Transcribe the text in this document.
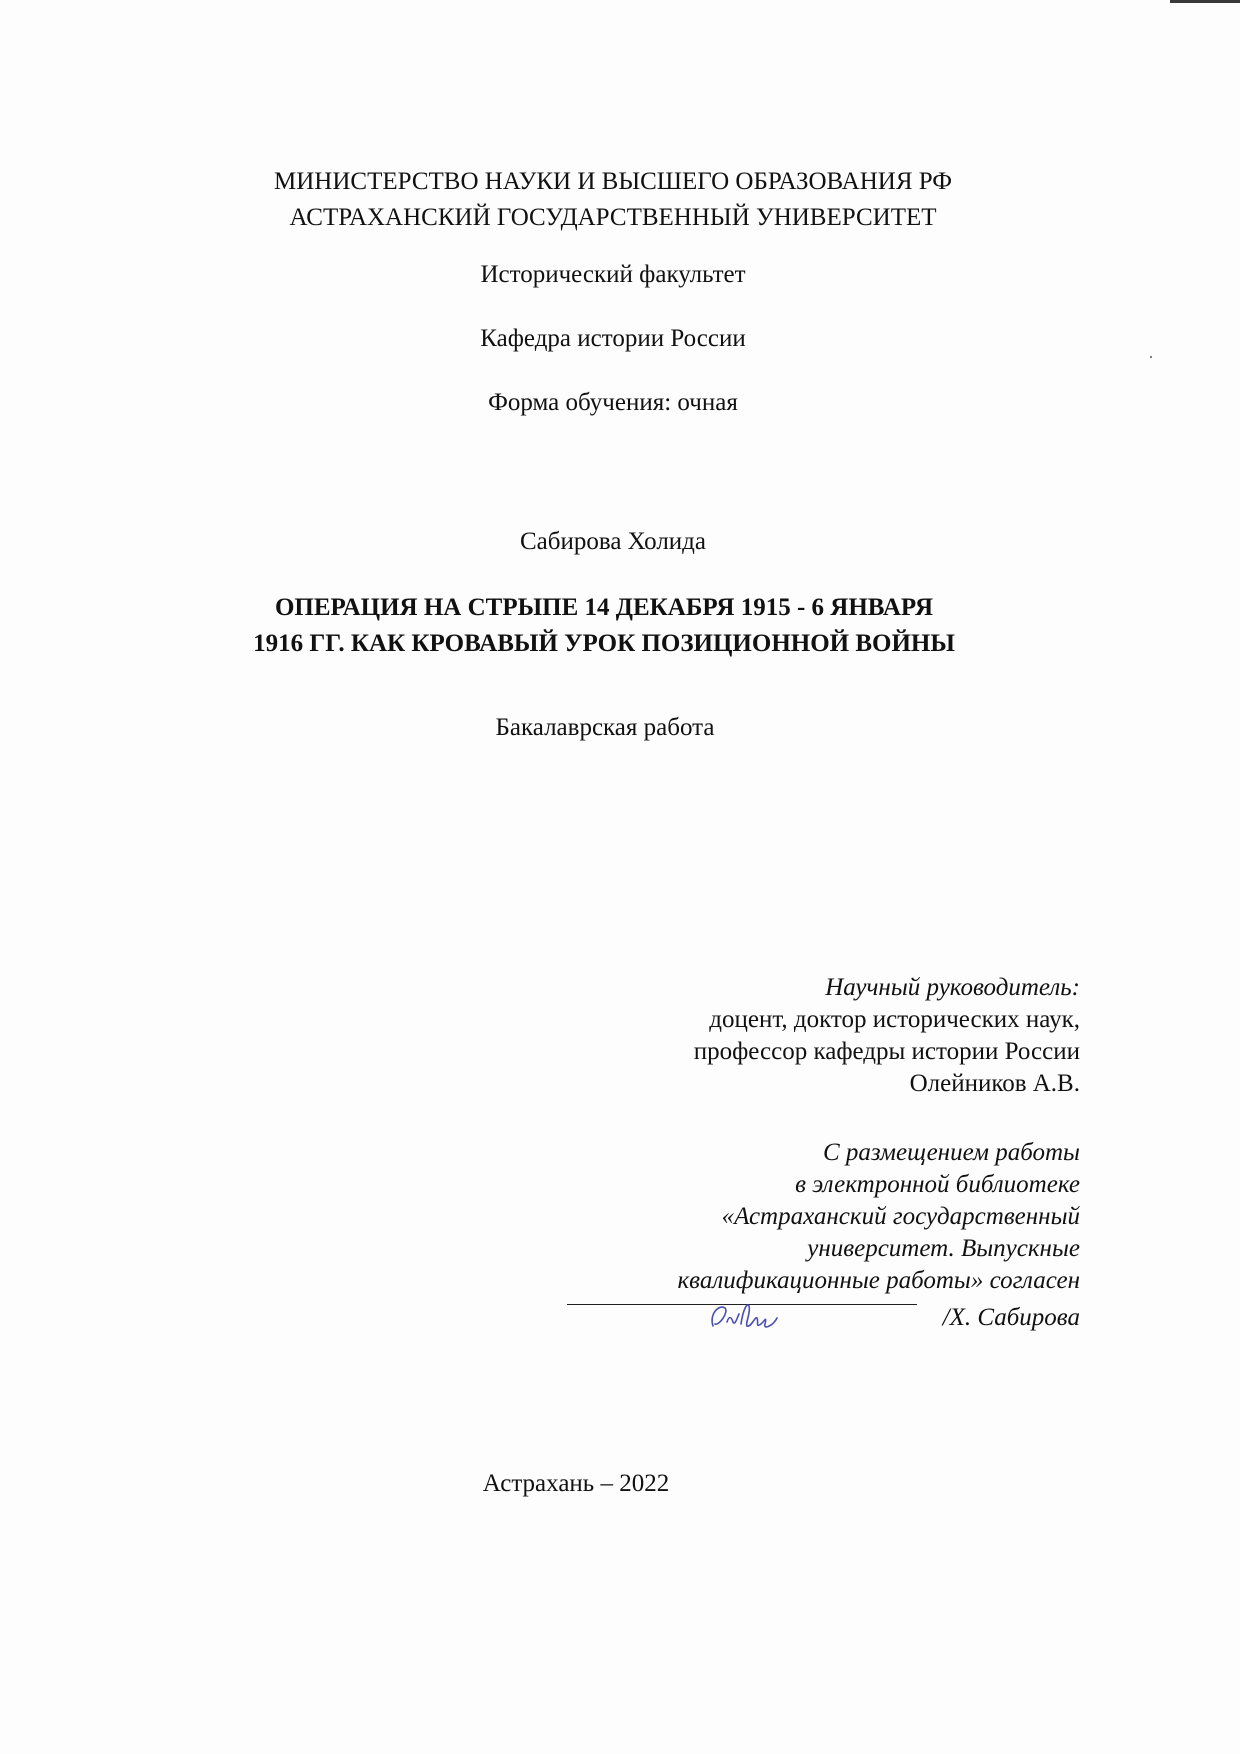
МИНИСТЕРСТВО НАУКИ И ВЫСШЕГО ОБРАЗОВАНИЯ РФ
АСТРАХАНСКИЙ ГОСУДАРСТВЕННЫЙ УНИВЕРСИТЕТ
Исторический факультет
Кафедра истории России
Форма обучения: очная
Сабирова Холида
ОПЕРАЦИЯ НА СТРЫПЕ 14 ДЕКАБРЯ 1915 - 6 ЯНВАРЯ
1916 ГГ. КАК КРОВАВЫЙ УРОК ПОЗИЦИОННОЙ ВОЙНЫ
Бакалаврская работа
Научный руководитель:
доцент, доктор исторических наук,
профессор кафедры истории России
Олейников А.В.
С размещением работы
в электронной библиотеке
«Астраханский государственный
университет. Выпускные
квалификационные работы» согласен
/Х. Сабирова
Астрахань – 2022
